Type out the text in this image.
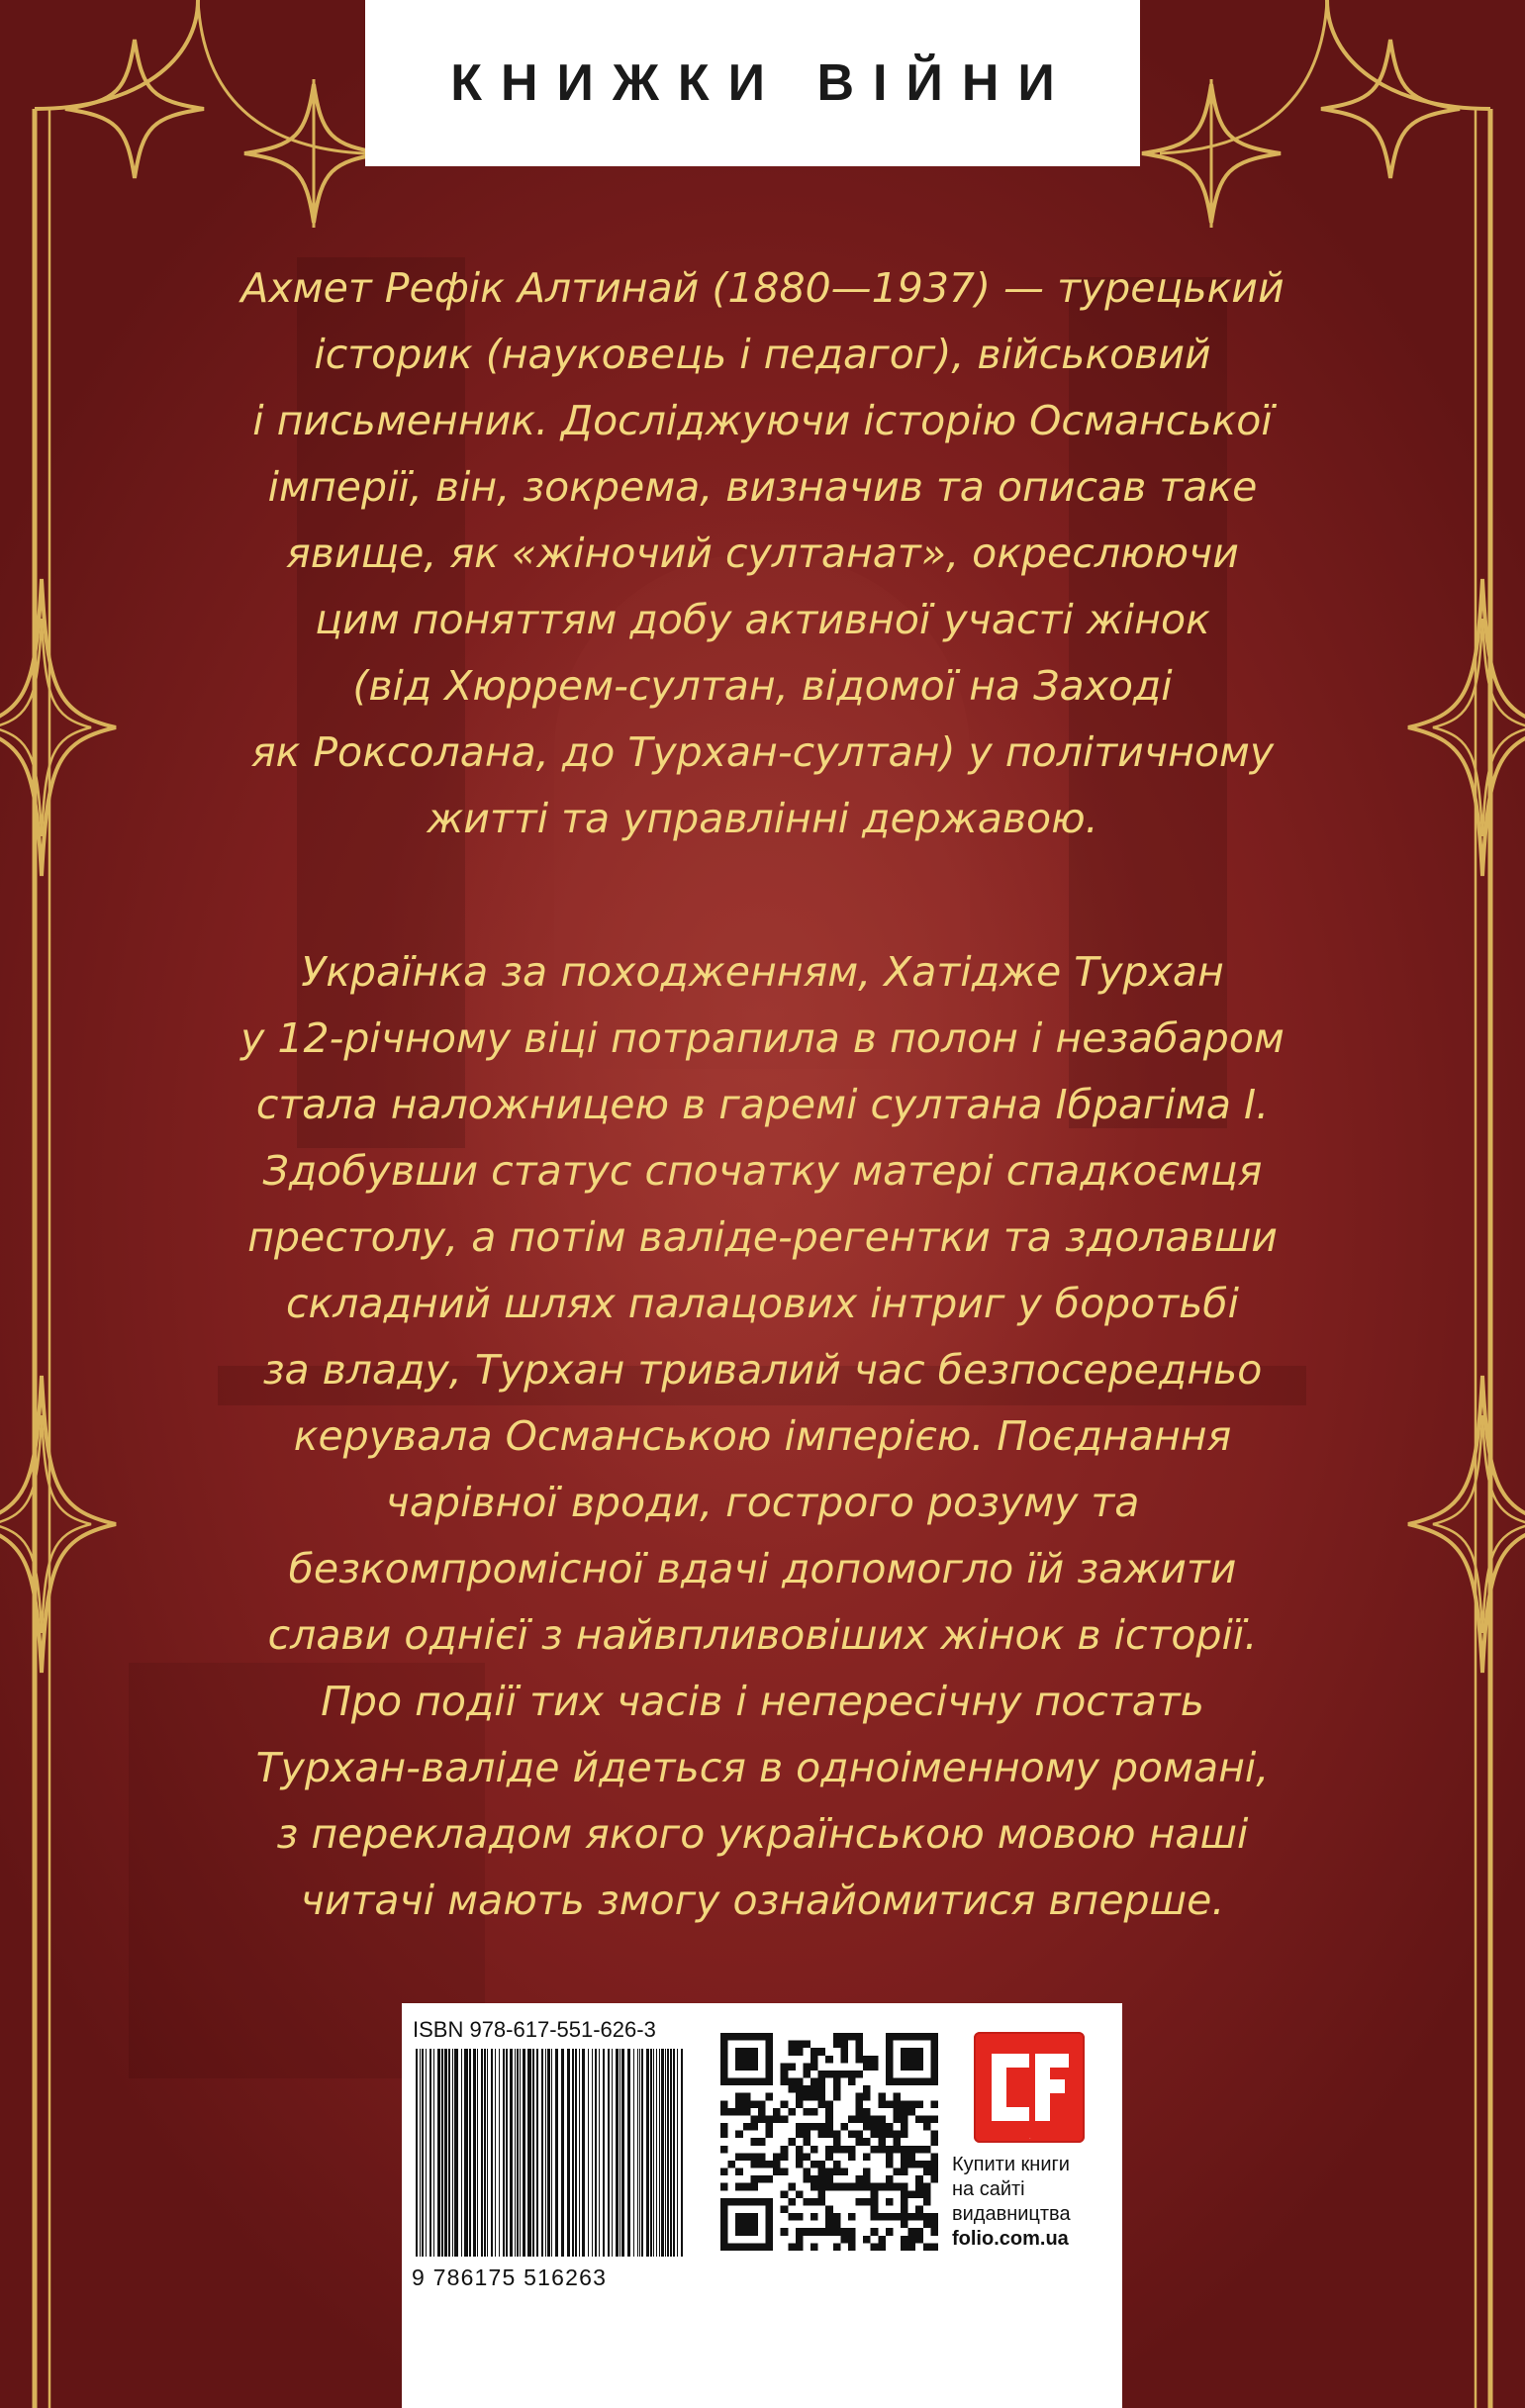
КНИЖКИ ВІЙНИ
Ахмет Рефік Алтинай (1880—1937) — турецький
історик (науковець і педагог), військовий
і письменник. Досліджуючи історію Османської
імперії, він, зокрема, визначив та описав таке
явище, як «жіночий султанат», окреслюючи
цим поняттям добу активної участі жінок
(від Хюррем-султан, відомої на Заході
як Роксолана, до Турхан-султан) у політичному
житті та управлінні державою.
Українка за походженням, Хатідже Турхан
у 12-річному віці потрапила в полон і незабаром
стала наложницею в гаремі султана Ібрагіма І.
Здобувши статус спочатку матері спадкоємця
престолу, а потім валіде-регентки та здолавши
складний шлях палацових інтриг у боротьбі
за владу, Турхан тривалий час безпосередньо
керувала Османською імперією. Поєднання
чарівної вроди, гострого розуму та
безкомпромісної вдачі допомогло їй зажити
слави однієї з найвпливовіших жінок в історії.
Про події тих часів і непересічну постать
Турхан-валіде йдеться в одноіменному романі,
з перекладом якого українською мовою наші
читачі мають змогу ознайомитися вперше.
ISBN 978-617-551-626-3
9 786175 516263
CF
Купити книги
на сайті
видавництва
folio.com.ua
